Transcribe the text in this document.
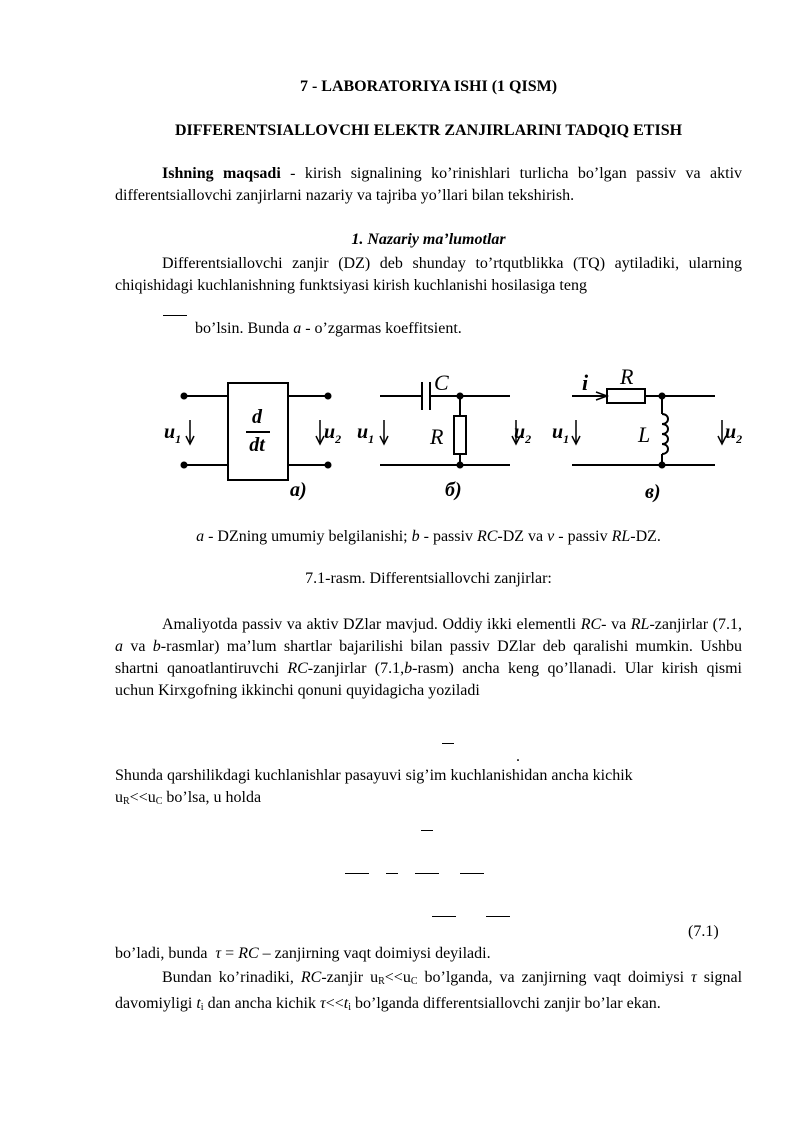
7 - LABORATORIYA ISHI (1 QISM)
DIFFERENTSIALLOVCHI ELEKTR ZANJIRLARINI TADQIQ ETISH
Ishning maqsadi - kirish signalining ko’rinishlari turlicha bo’lgan passiv va aktiv differentsiallovchi zanjirlarni nazariy va tajriba yo’llari bilan tekshirish.
1. Nazariy ma’lumotlar
Differentsiallovchi zanjir (DZ) deb shunday to’rtqutblikka (TQ) aytiladiki, ularning chiqishidagi kuchlanishning funktsiyasi kirish kuchlanishi hosilasiga teng
bo’lsin. Bunda a - o’zgarmas koeffitsient.
$u_1$
d
dt
$u_2$
а)
$u_1$
C
R	$u_2$
б)
i R
L
$u_1$	$u_2$
в)
a - DZning umumiy belgilanishi; b - passiv RC-DZ va v - passiv RL-DZ.
7.1-rasm. Differentsiallovchi zanjirlar:
Amaliyotda passiv va aktiv DZlar mavjud. Oddiy ikki elementli RC- va RL-zanjirlar (7.1, a va b-rasmlar) ma’lum shartlar bajarilishi bilan passiv DZlar deb qaralishi mumkin. Ushbu shartni qanoatlantiruvchi RC-zanjirlar (7.1,b-rasm) ancha keng qo’llanadi. Ular kirish qismi uchun Kirxgofning ikkinchi qonuni quyidagicha yoziladi
.
Shunda qarshilikdagi kuchlanishlar pasayuvi sig’im kuchlanishidan ancha kichik
$u_R<<u_C$ bo’lsa, u holda
(7.1)
bo’ladi, bunda  τ = RC – zanjirning vaqt doimiysi deyiladi.
Bundan ko’rinadiki, RC-zanjir $u_R<<u_C$ bo’lganda, va zanjirning vaqt doimiysi τ signal davomiyligi $t_i$ dan ancha kichik $\tau<<t_i$ bo’lganda differentsiallovchi zanjir bo’lar ekan.
